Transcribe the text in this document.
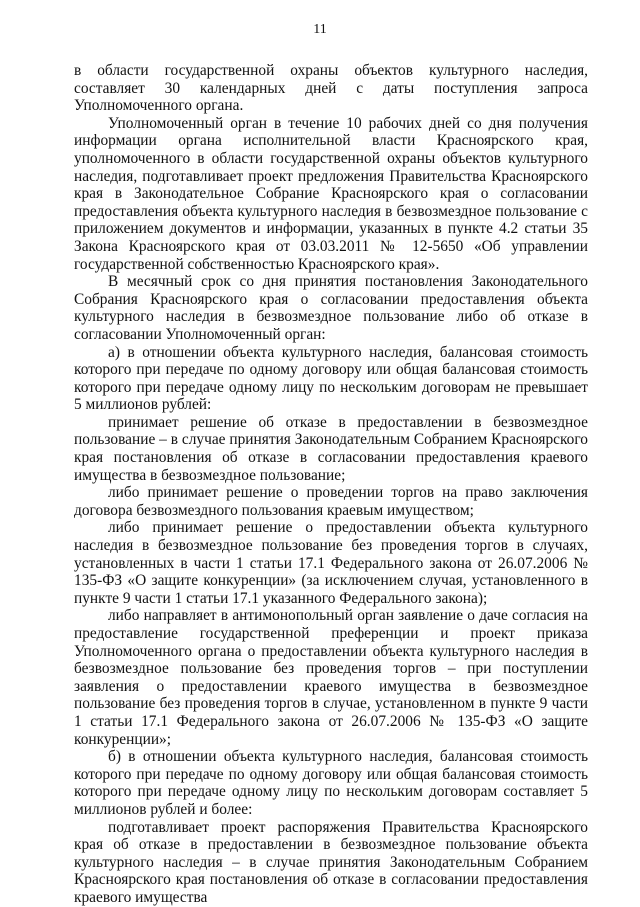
11

в области государственной охраны объектов культурного наследия, составляет 30 календарных дней с даты поступления запроса Уполномоченного органа.

Уполномоченный орган в течение 10 рабочих дней со дня получения информации органа исполнительной власти Красноярского края, уполномоченного в области государственной охраны объектов культурного наследия, подготавливает проект предложения Правительства Красноярского края в Законодательное Собрание Красноярского края о согласовании предоставления объекта культурного наследия в безвозмездное пользование с приложением документов и информации, указанных в пункте 4.2 статьи 35 Закона Красноярского края от 03.03.2011 № 12-5650 «Об управлении государственной собственностью Красноярского края».

В месячный срок со дня принятия постановления Законодательного Собрания Красноярского края о согласовании предоставления объекта культурного наследия в безвозмездное пользование либо об отказе в согласовании Уполномоченный орган:

а) в отношении объекта культурного наследия, балансовая стоимость которого при передаче по одному договору или общая балансовая стоимость которого при передаче одному лицу по нескольким договорам не превышает 5 миллионов рублей:

принимает решение об отказе в предоставлении в безвозмездное пользование – в случае принятия Законодательным Собранием Красноярского края постановления об отказе в согласовании предоставления краевого имущества в безвозмездное пользование;

либо принимает решение о проведении торгов на право заключения договора безвозмездного пользования краевым имуществом;

либо принимает решение о предоставлении объекта культурного наследия в безвозмездное пользование без проведения торгов в случаях, установленных в части 1 статьи 17.1 Федерального закона от 26.07.2006 № 135-ФЗ «О защите конкуренции» (за исключением случая, установленного в пункте 9 части 1 статьи 17.1 указанного Федерального закона);

либо направляет в антимонопольный орган заявление о даче согласия на предоставление государственной преференции и проект приказа Уполномоченного органа о предоставлении объекта культурного наследия в безвозмездное пользование без проведения торгов – при поступлении заявления о предоставлении краевого имущества в безвозмездное пользование без проведения торгов в случае, установленном в пункте 9 части 1 статьи 17.1 Федерального закона от 26.07.2006 № 135-ФЗ «О защите конкуренции»;

б) в отношении объекта культурного наследия, балансовая стоимость которого при передаче по одному договору или общая балансовая стоимость которого при передаче одному лицу по нескольким договорам составляет 5 миллионов рублей и более:

подготавливает проект распоряжения Правительства Красноярского края об отказе в предоставлении в безвозмездное пользование объекта культурного наследия – в случае принятия Законодательным Собранием Красноярского края постановления об отказе в согласовании предоставления краевого имущества
